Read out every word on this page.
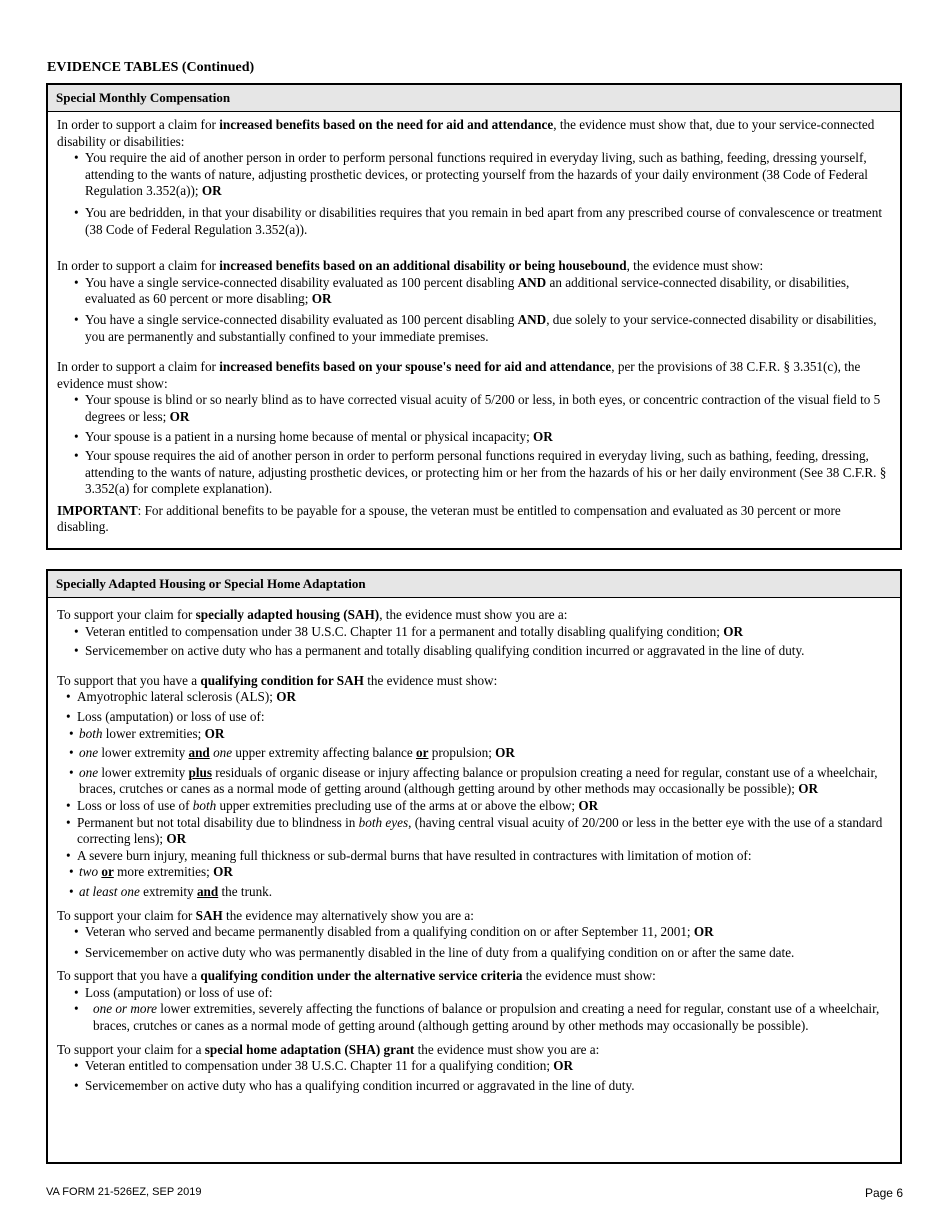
EVIDENCE TABLES (Continued)
Special Monthly Compensation

In order to support a claim for increased benefits based on the need for aid and attendance, the evidence must show that, due to your service-connected disability or disabilities:

• You require the aid of another person in order to perform personal functions required in everyday living, such as bathing, feeding, dressing yourself, attending to the wants of nature, adjusting prosthetic devices, or protecting yourself from the hazards of your daily environment (38 Code of Federal Regulation 3.352(a)); OR
• You are bedridden, in that your disability or disabilities requires that you remain in bed apart from any prescribed course of convalescence or treatment (38 Code of Federal Regulation 3.352(a)).

In order to support a claim for increased benefits based on an additional disability or being housebound, the evidence must show:

• You have a single service-connected disability evaluated as 100 percent disabling AND an additional service-connected disability, or disabilities, evaluated as 60 percent or more disabling; OR
• You have a single service-connected disability evaluated as 100 percent disabling AND, due solely to your service-connected disability or disabilities, you are permanently and substantially confined to your immediate premises.

In order to support a claim for increased benefits based on your spouse's need for aid and attendance, per the provisions of 38 C.F.R. § 3.351(c), the evidence must show:

• Your spouse is blind or so nearly blind as to have corrected visual acuity of 5/200 or less, in both eyes, or concentric contraction of the visual field to 5 degrees or less; OR
• Your spouse is a patient in a nursing home because of mental or physical incapacity; OR
• Your spouse requires the aid of another person in order to perform personal functions required in everyday living, such as bathing, feeding, dressing, attending to the wants of nature, adjusting prosthetic devices, or protecting him or her from the hazards of his or her daily environment (See 38 C.F.R. § 3.352(a) for complete explanation).

IMPORTANT: For additional benefits to be payable for a spouse, the veteran must be entitled to compensation and evaluated as 30 percent or more disabling.

Specially Adapted Housing or Special Home Adaptation

To support your claim for specially adapted housing (SAH), the evidence must show you are a:

• Veteran entitled to compensation under 38 U.S.C. Chapter 11 for a permanent and totally disabling qualifying condition; OR
• Servicemember on active duty who has a permanent and totally disabling qualifying condition incurred or aggravated in the line of duty.

To support that you have a qualifying condition for SAH the evidence must show:

• Amyotrophic lateral sclerosis (ALS); OR
• Loss (amputation) or loss of use of:
• both lower extremities; OR
• one lower extremity and one upper extremity affecting balance or propulsion; OR
• one lower extremity plus residuals of organic disease or injury affecting balance or propulsion creating a need for regular, constant use of a wheelchair, braces, crutches or canes as a normal mode of getting around (although getting around by other methods may occasionally be possible); OR
• Loss or loss of use of both upper extremities precluding use of the arms at or above the elbow; OR
• Permanent but not total disability due to blindness in both eyes, (having central visual acuity of 20/200 or less in the better eye with the use of a standard correcting lens); OR
• A severe burn injury, meaning full thickness or sub-dermal burns that have resulted in contractures with limitation of motion of:
• two or more extremities; OR
• at least one extremity and the trunk.

To support your claim for SAH the evidence may alternatively show you are a:

• Veteran who served and became permanently disabled from a qualifying condition on or after September 11, 2001; OR
• Servicemember on active duty who was permanently disabled in the line of duty from a qualifying condition on or after the same date.

To support that you have a qualifying condition under the alternative service criteria the evidence must show:

• Loss (amputation) or loss of use of:
• one or more lower extremities, severely affecting the functions of balance or propulsion and creating a need for regular, constant use of a wheelchair, braces, crutches or canes as a normal mode of getting around (although getting around by other methods may occasionally be possible).

To support your claim for a special home adaptation (SHA) grant the evidence must show you are a:

• Veteran entitled to compensation under 38 U.S.C. Chapter 11 for a qualifying condition; OR
• Servicemember on active duty who has a qualifying condition incurred or aggravated in the line of duty.
VA FORM 21-526EZ, SEP 2019	Page 6
